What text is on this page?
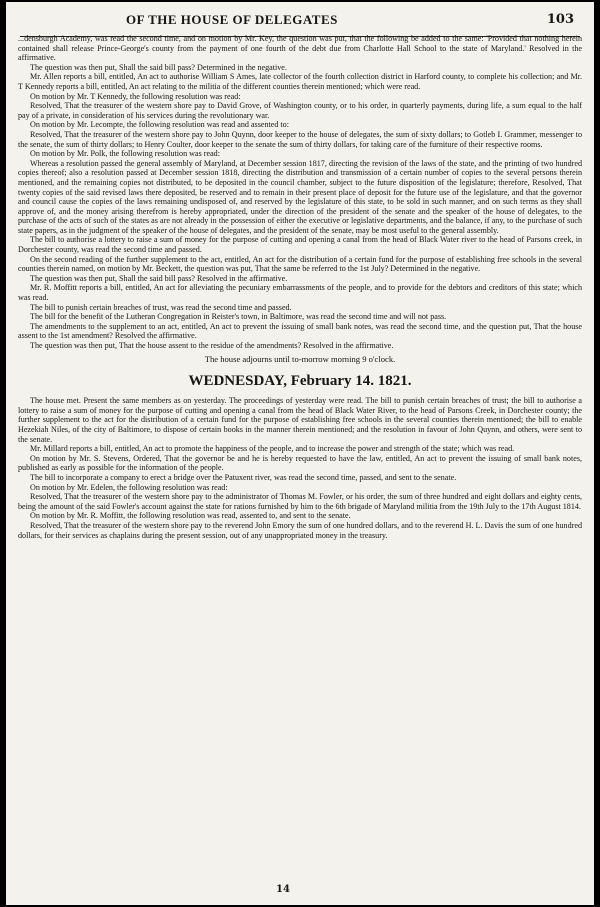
OF THE HOUSE OF DELEGATES	103

...densburgh Academy, was read the second time, and on motion by Mr. Key, the question was put, that the following be added to the same: 'Provided that nothing herein contained shall release Prince-George's county from the payment of one fourth of the debt due from Charlotte Hall School to the state of Maryland.' Resolved in the affirmative.

The question was then put, Shall the said bill pass? Determined in the negative.

Mr. Allen reports a bill, entitled, An act to authorise William S Ames, late collector of the fourth collection district in Harford county, to complete his collection; and Mr. T Kennedy reports a bill, entitled, An act relating to the militia of the different counties therein mentioned; which were read.

On motion by Mr. T Kennedy, the following resolution was read:

Resolved, That the treasurer of the western shore pay to David Grove, of Washington county, or to his order, in quarterly payments, during life, a sum equal to the half pay of a private, in consideration of his services during the revolutionary war.

On motion by Mr. Lecompte, the following resolution was read and assented to:

Resolved, That the treasurer of the western shore pay to John Quynn, door keeper to the house of delegates, the sum of sixty dollars; to Gotleb I. Grammer, messenger to the senate, the sum of thirty dollars; to Henry Coulter, door keeper to the senate the sum of thirty dollars, for taking care of the furniture of their respective rooms.

On motion by Mr. Polk, the following resolution was read:

Whereas a resolution passed the general assembly of Maryland, at December session 1817, directing the revision of the laws of the state, and the printing of two hundred copies thereof; also a resolution passed at December session 1818, directing the distribution and transmission of a certain number of copies to the several persons therein mentioned, and the remaining copies not distributed, to be deposited in the council chamber, subject to the future disposition of the legislature; therefore, Resolved, That twenty copies of the said revised laws there deposited, be reserved and to remain in their present place of deposit for the future use of the legislature, and that the governor and council cause the copies of the laws remaining undisposed of, and reserved by the legislature of this state, to be sold in such manner, and on such terms as they shall approve of, and the money arising therefrom is hereby appropriated, under the direction of the president of the senate and the speaker of the house of delegates, to the purchase of the acts of such of the states as are not already in the possession of either the executive or legislative departments, and the balance, if any, to the purchase of such state papers, as in the judgment of the speaker of the house of delegates, and the president of the senate, may be most useful to the general assembly.

The bill to authorise a lottery to raise a sum of money for the purpose of cutting and opening a canal from the head of Black Water river to the head of Parsons creek, in Dorchester county, was read the second time and passed.

On the second reading of the further supplement to the act, entitled, An act for the distribution of a certain fund for the purpose of establishing free schools in the several counties therein named, on motion by Mr. Beckett, the question was put, That the same be referred to the 1st July? Determined in the negative.

The question was then put, Shall the said bill pass? Resolved in the affirmative.

Mr. R. Moffitt reports a bill, entitled, An act for alleviating the pecuniary embarrassments of the people, and to provide for the debtors and creditors of this state; which was read.

The bill to punish certain breaches of trust, was read the second time and passed.

The bill for the benefit of the Lutheran Congregation in Reister's town, in Baltimore, was read the second time and will not pass.

The amendments to the supplement to an act, entitled, An act to prevent the issuing of small bank notes, was read the second time, and the question put, That the house assent to the 1st amendment? Resolved the affirmative.

The question was then put, That the house assent to the residue of the amendments? Resolved in the affirmative.

The house adjourns until to-morrow morning 9 o'clock.

WEDNESDAY, February 14. 1821.

The house met. Present the same members as on yesterday. The proceedings of yesterday were read. The bill to punish certain breaches of trust; the bill to authorise a lottery to raise a sum of money for the purpose of cutting and opening a canal from the head of Black Water River, to the head of Parsons Creek, in Dorchester county; the further supplement to the act for the distribution of a certain fund for the purpose of establishing free schools in the several counties therein mentioned; the bill to enable Hezekiah Niles, of the city of Baltimore, to dispose of certain books in the manner therein mentioned; and the resolution in favour of John Quynn, and others, were sent to the senate.

Mr. Millard reports a bill, entitled, An act to promote the happiness of the people, and to increase the power and strength of the state; which was read.

On motion by Mr. S. Stevens, Ordered, That the governor be and he is hereby requested to have the law, entitled, An act to prevent the issuing of small bank notes, published as early as possible for the information of the people.

The bill to incorporate a company to erect a bridge over the Patuxent river, was read the second time, passed, and sent to the senate.

On motion by Mr. Edelen, the following resolution was read:

Resolved, That the treasurer of the western shore pay to the administrator of Thomas M. Fowler, or his order, the sum of three hundred and eight dollars and eighty cents, being the amount of the said Fowler's account against the state for rations furnished by him to the 6th brigade of Maryland militia from the 19th July to the 17th August 1814.

On motion by Mr. R. Moffitt, the following resolution was read, assented to, and sent to the senate.

Resolved, That the treasurer of the western shore pay to the reverend John Emory the sum of one hundred dollars, and to the reverend H. L. Davis the sum of one hundred dollars, for their services as chaplains during the present session, out of any unappropriated money in the treasury.

14
